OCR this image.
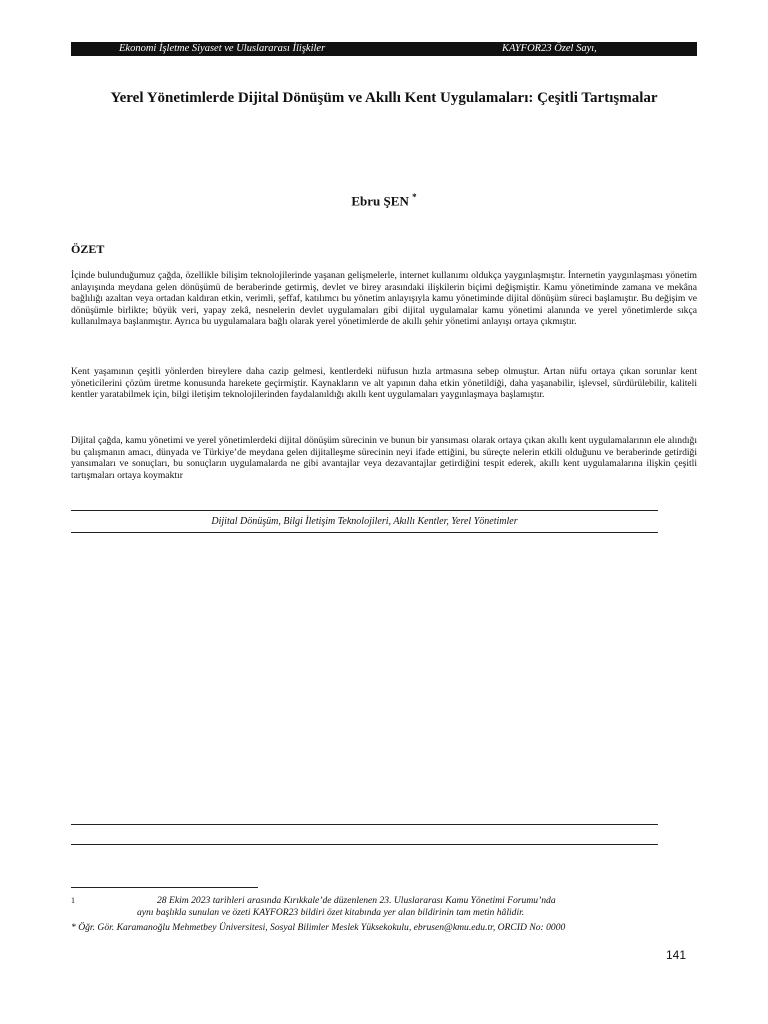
Ekonomi İşletme Siyaset ve Uluslararası İlişkiler	KAYFOR23 Özel Sayı,
Yerel Yönetimlerde Dijital Dönüşüm ve Akıllı Kent Uygulamaları: Çeşitli Tartışmalar
Ebru ŞEN *
ÖZET

İçinde bulunduğumuz çağda, özellikle bilişim teknolojilerinde yaşanan gelişmelerle, internet kullanımı oldukça yaygınlaşmıştır. İnternetin yaygınlaşması yönetim anlayışında meydana gelen dönüşümü de beraberinde getirmiş, devlet ve birey arasındaki ilişkilerin biçimi değişmiştir. Kamu yönetiminde zamana ve mekâna bağlılığı azaltan veya ortadan kaldıran etkin, verimli, şeffaf, katılımcı bu yönetim anlayışıyla kamu yönetiminde dijital dönüşüm süreci başlamıştır. Bu değişim ve dönüşümle birlikte; büyük veri, yapay zekâ, nesnelerin devlet uygulamaları gibi dijital uygulamalar kamu yönetimi alanında ve yerel yönetimlerde sıkça kullanılmaya başlanmıştır. Ayrıca bu uygulamalara bağlı olarak yerel yönetimlerde de akıllı şehir yönetimi anlayışı ortaya çıkmıştır.

Kent yaşamının çeşitli yönlerden bireylere daha cazip gelmesi, kentlerdeki nüfusun hızla artmasına sebep olmuştur. Artan nüfu ortaya çıkan sorunlar kent yöneticilerini çözüm üretme konusunda harekete geçirmiştir. Kaynakların ve alt yapının daha etkin yönetildiği, daha yaşanabilir, işlevsel, sürdürülebilir, kaliteli kentler yaratabilmek için, bilgi iletişim teknolojilerinden faydalanıldığı akıllı kent uygulamaları yaygınlaşmaya başlamıştır.

Dijital çağda, kamu yönetimi ve yerel yönetimlerdeki dijital dönüşüm sürecinin ve bunun bir yansıması olarak ortaya çıkan akıllı kent uygulamalarının ele alındığı bu çalışmanın amacı, dünyada ve Türkiye’de meydana gelen dijitalleşme sürecinin neyi ifade ettiğini, bu süreçte nelerin etkili olduğunu ve beraberinde getirdiği yansımaları ve sonuçları, bu sonuçların uygulamalarda ne gibi avantajlar veya dezavantajlar getirdiğini tespit ederek, akıllı kent uygulamalarına ilişkin çeşitli tartışmaları ortaya koymaktır

Dijital Dönüşüm, Bilgi İletişim Teknolojileri, Akıllı Kentler, Yerel Yönetimler

$^1$	28 Ekim 2023 tarihleri arasında Kırıkkale’de düzenlenen 23. Uluslararası Kamu Yönetimi Forumu’nda
aynı başlıkla sunulan ve özeti KAYFOR23 bildiri özet kitabında yer alan bildirinin tam metin hâlidir.

* Öğr. Gör. Karamanoğlu Mehmetbey Üniversitesi, Sosyal Bilimler Meslek Yüksekokulu, ebrusen@kmu.edu.tr, ORCID No: 0000

141
